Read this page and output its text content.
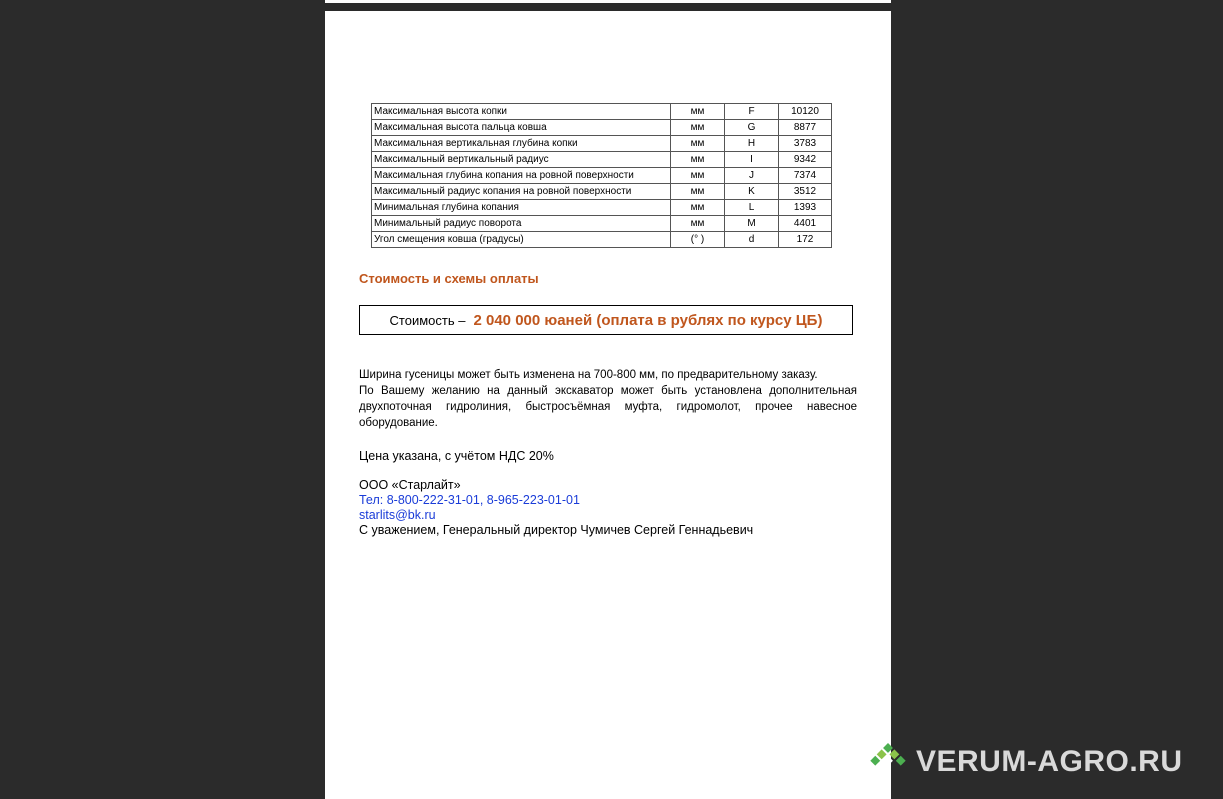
Максимальная высота копки	мм	F	10120
Максимальная высота пальца ковша	мм	G	8877
Максимальная вертикальная глубина копки	мм	H	3783
Максимальный вертикальный радиус	мм	I	9342
Максимальная глубина копания на ровной поверхности	мм	J	7374
Максимальный радиус копания на ровной поверхности	мм	K	3512
Минимальная глубина копания	мм	L	1393
Минимальный радиус поворота	мм	M	4401
Угол смещения ковша (градусы)	(° )	d	172
Стоимость и схемы оплаты
Стоимость – 2 040 000 юаней (оплата в рублях по курсу ЦБ)

Ширина гусеницы может быть изменена на 700-800 мм, по предварительному заказу.

По Вашему желанию на данный экскаватор может быть установлена дополнительная двухпоточная гидролиния, быстросъёмная муфта, гидромолот, прочее навесное оборудование.

Цена указана, с учётом НДС 20%
ООО «Старлайт»
Тел: 8-800-222-31-01, 8-965-223-01-01
starlits@bk.ru
С уважением, Генеральный директор Чумичев Сергей Геннадьевич
VERUM-AGRO.RU
